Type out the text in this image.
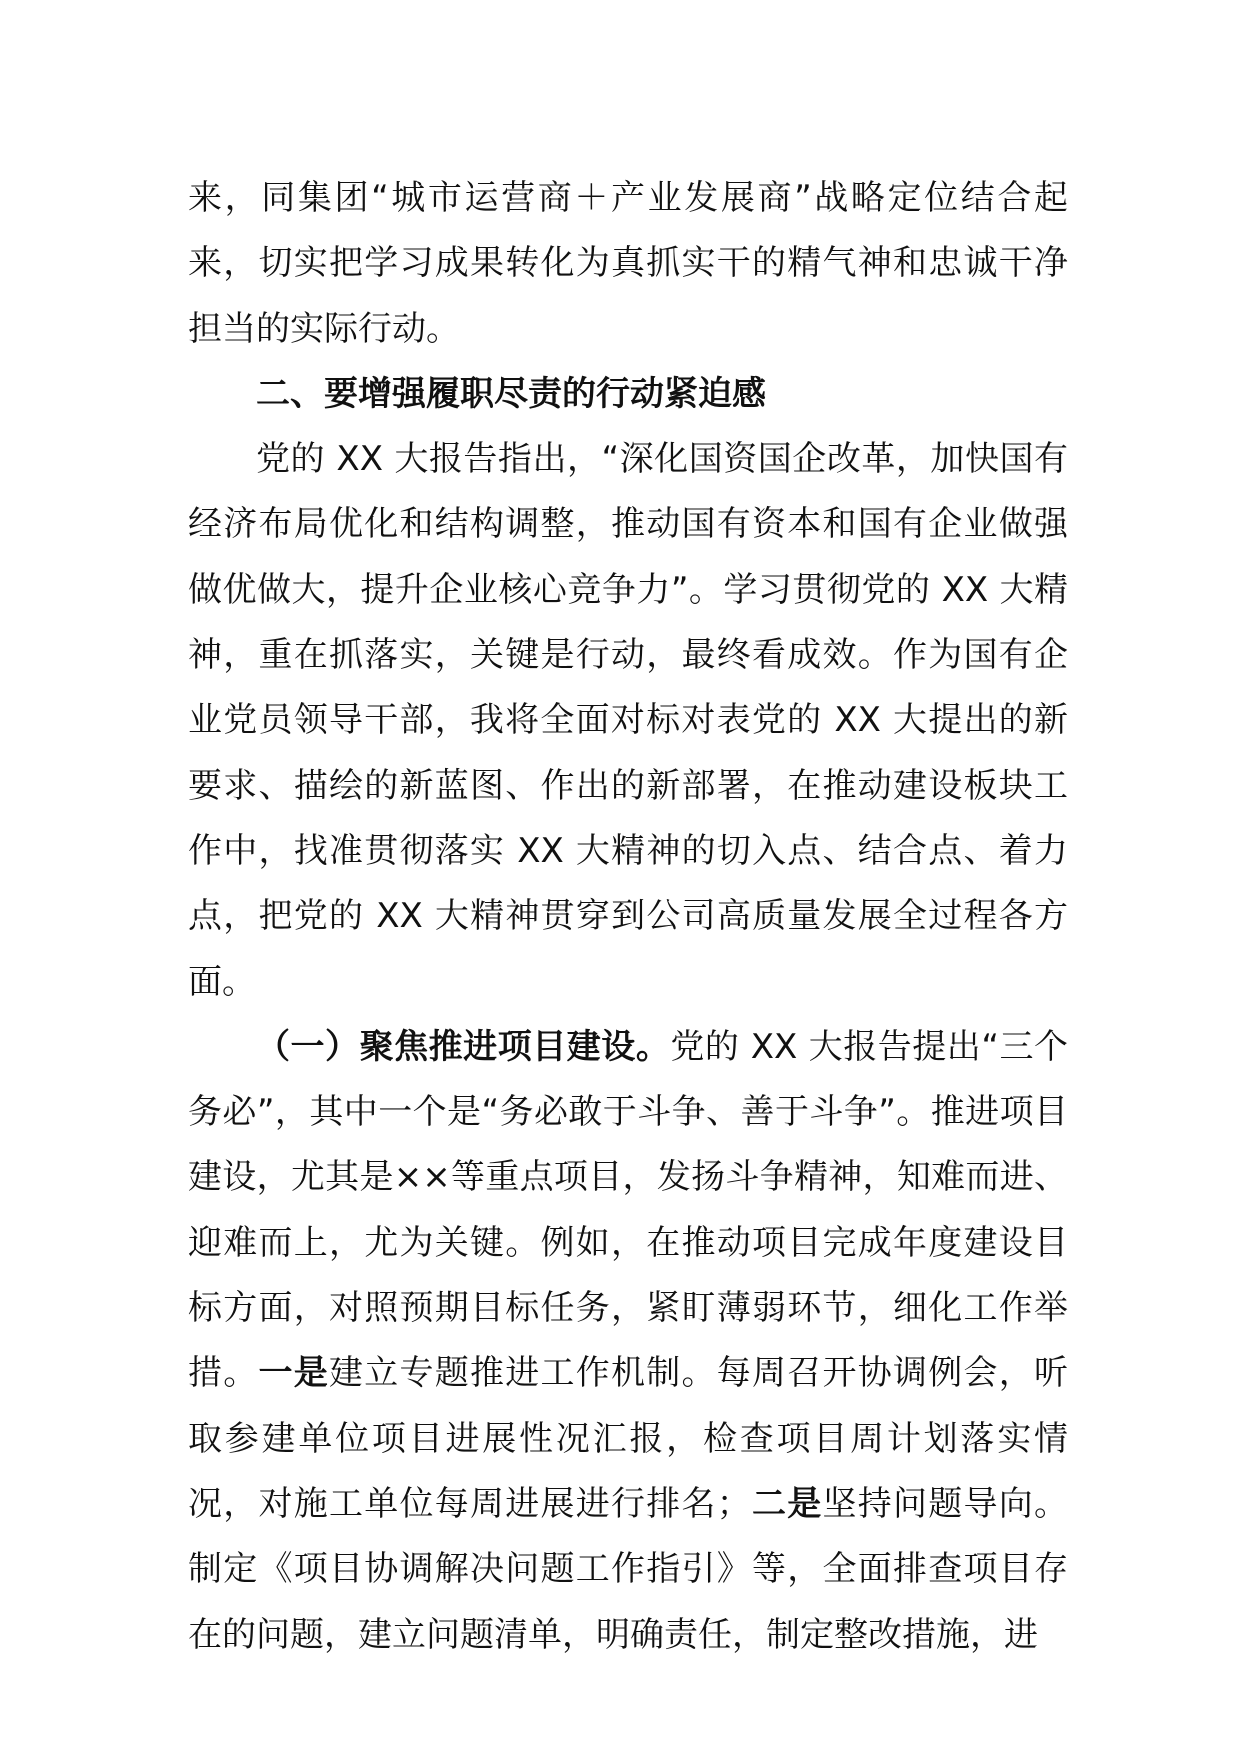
来，同集团“城市运营商＋产业发展商”战略定位结合起来，切实把学习成果转化为真抓实干的精气神和忠诚干净担当的实际行动。

二、要增强履职尽责的行动紧迫感

党的 XX 大报告指出，“深化国资国企改革，加快国有经济布局优化和结构调整，推动国有资本和国有企业做强做优做大，提升企业核心竞争力”。学习贯彻党的 XX 大精神，重在抓落实，关键是行动，最终看成效。作为国有企业党员领导干部，我将全面对标对表党的 XX 大提出的新要求、描绘的新蓝图、作出的新部署，在推动建设板块工作中，找准贯彻落实 XX 大精神的切入点、结合点、着力点，把党的 XX 大精神贯穿到公司高质量发展全过程各方面。

（一）聚焦推进项目建设。党的 XX 大报告提出“三个务必”，其中一个是“务必敢于斗争、善于斗争”。推进项目建设，尤其是××等重点项目，发扬斗争精神，知难而进、迎难而上，尤为关键。例如，在推动项目完成年度建设目标方面，对照预期目标任务，紧盯薄弱环节，细化工作举措。一是建立专题推进工作机制。每周召开协调例会，听取参建单位项目进展性况汇报，检查项目周计划落实情况，对施工单位每周进展进行排名；二是坚持问题导向。制定《项目协调解决问题工作指引》等，全面排查项目存在的问题，建立问题清单，明确责任，制定整改措施，进
